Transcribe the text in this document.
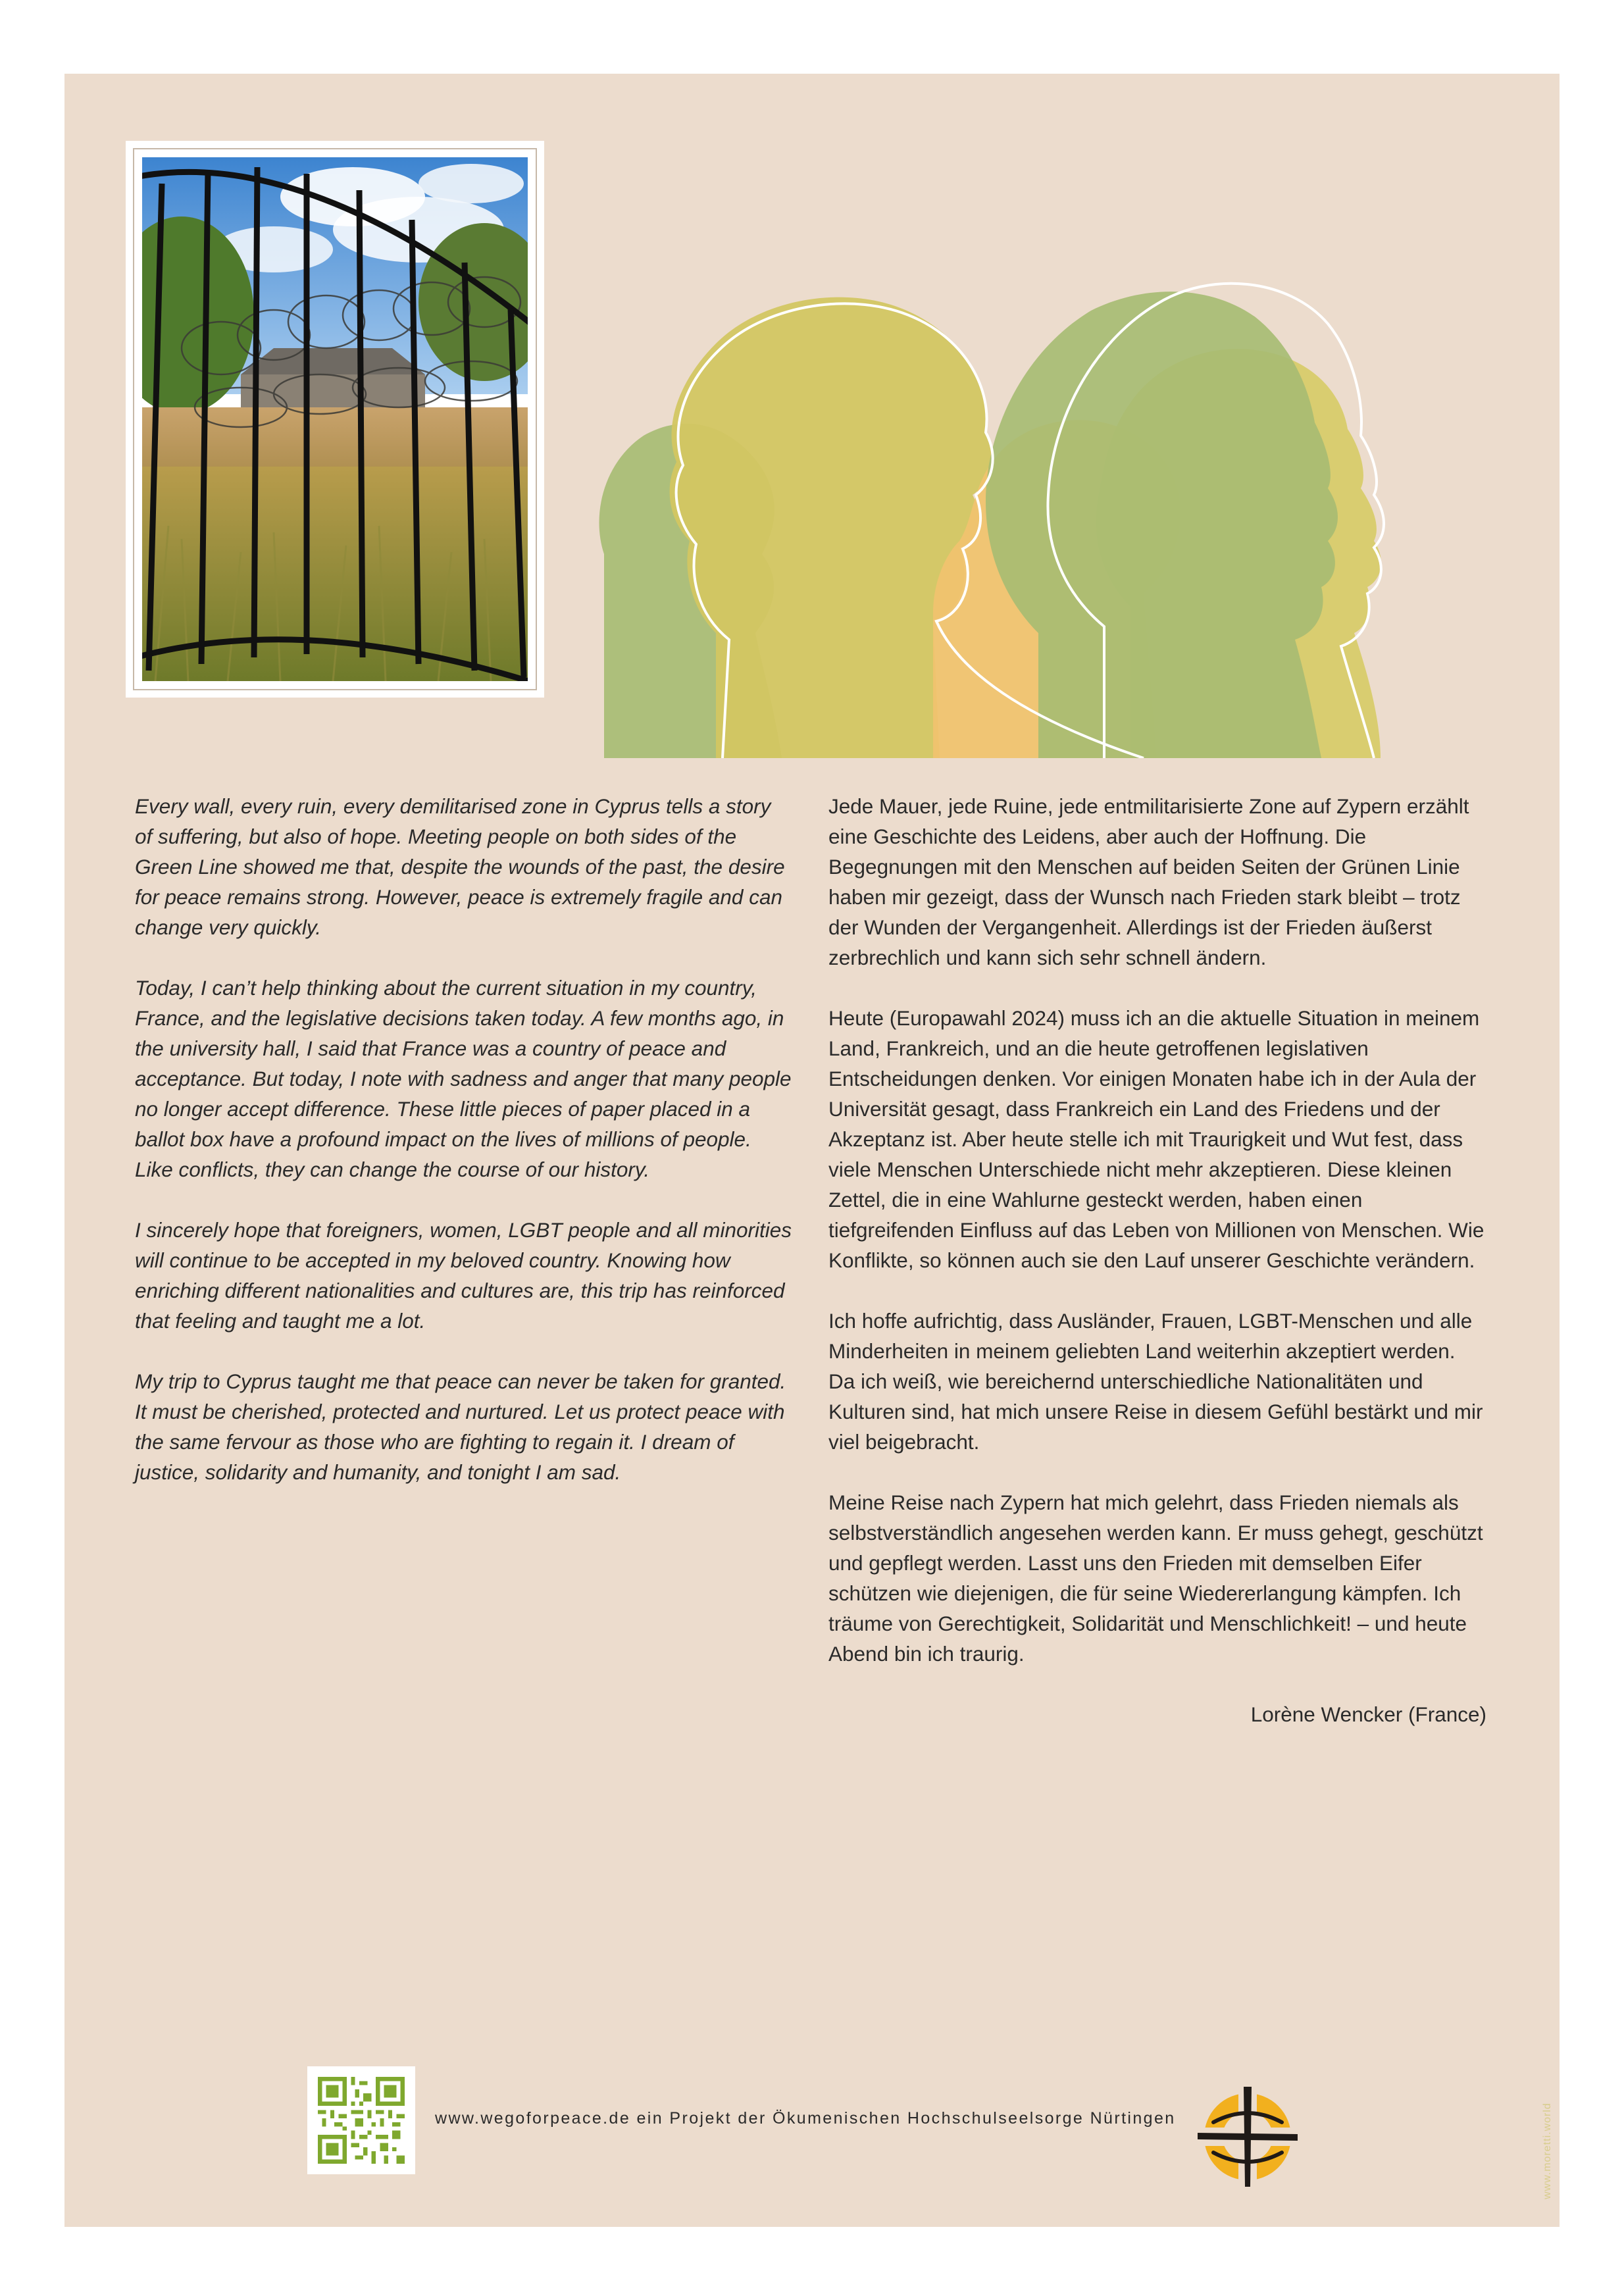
Every wall, every ruin, every demilitarised zone in Cyprus tells a story of suffering, but also of hope. Meeting people on both sides of the Green Line showed me that, despite the wounds of the past, the desire for peace remains strong. However, peace is extremely fragile and can change very quickly.

Today, I can’t help thinking about the current situation in my country, France, and the legislative decisions taken today. A few months ago, in the university hall, I said that France was a country of peace and acceptance. But today, I note with sadness and anger that many people no longer accept difference. These little pieces of paper placed in a ballot box have a profound impact on the lives of millions of people. Like conflicts, they can change the course of our history.

I sincerely hope that foreigners, women, LGBT people and all minorities will continue to be accepted in my beloved country. Knowing how enriching different nationalities and cultures are, this trip has reinforced that feeling and taught me a lot.

My trip to Cyprus taught me that peace can never be taken for granted. It must be cherished, protected and nurtured. Let us protect peace with the same fervour as those who are fighting to regain it. I dream of justice, solidarity and humanity, and tonight I am sad.

Jede Mauer, jede Ruine, jede entmilitarisierte Zone auf Zypern erzählt eine Geschichte des Leidens, aber auch der Hoffnung. Die Begegnungen mit den Menschen auf beiden Seiten der Grünen Linie haben mir gezeigt, dass der Wunsch nach Frieden stark bleibt – trotz der Wunden der Vergangenheit. Allerdings ist der Frieden äußerst zerbrechlich und kann sich sehr schnell ändern.

Heute (Europawahl 2024) muss ich an die aktuelle Situation in meinem Land, Frankreich, und an die heute getroffenen legislativen Entscheidungen denken. Vor einigen Monaten habe ich in der Aula der Universität gesagt, dass Frankreich ein Land des Friedens und der Akzeptanz ist. Aber heute stelle ich mit Traurigkeit und Wut fest, dass viele Menschen Unterschiede nicht mehr akzeptieren. Diese kleinen Zettel, die in eine Wahlurne gesteckt werden, haben einen tiefgreifenden Einfluss auf das Leben von Millionen von Menschen. Wie Konflikte, so können auch sie den Lauf unserer Geschichte verändern.

Ich hoffe aufrichtig, dass Ausländer, Frauen, LGBT-Menschen und alle Minderheiten in meinem geliebten Land weiterhin akzeptiert werden. Da ich weiß, wie bereichernd unterschiedliche Nationalitäten und Kulturen sind, hat mich unsere Reise in diesem Gefühl bestärkt und mir viel beigebracht.

Meine Reise nach Zypern hat mich gelehrt, dass Frieden niemals als selbstverständlich angesehen werden kann. Er muss gehegt, geschützt und gepflegt werden. Lasst uns den Frieden mit demselben Eifer schützen wie diejenigen, die für seine Wiedererlangung kämpfen. Ich träume von Gerechtigkeit, Solidarität und Menschlichkeit! – und heute Abend bin ich traurig.

Lorène Wencker (France)
www.wegoforpeace.de ein Projekt der Ökumenischen Hochschulseelsorge Nürtingen	www.moretti.world
